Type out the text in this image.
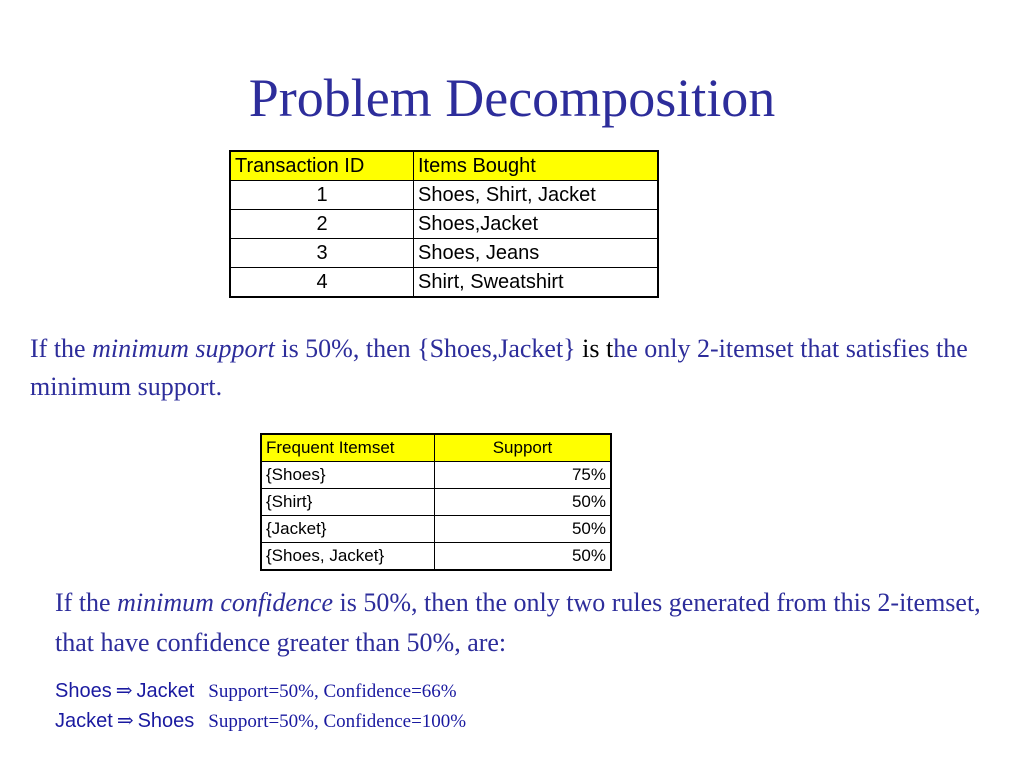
Problem Decomposition
Transaction ID	Items Bought
1	Shoes, Shirt, Jacket
2	Shoes,Jacket
3	Shoes, Jeans
4	Shirt, Sweatshirt
If the minimum support is 50%, then {Shoes,Jacket} is the only 2-itemset that satisfies the minimum support.
Frequent Itemset	Support
{Shoes}	75%
{Shirt}	50%
{Jacket}	50%
{Shoes, Jacket}	50%
If the minimum confidence is 50%, then the only two rules generated from this 2-itemset, that have confidence greater than 50%, are:
Shoes ⇒ Jacket Support=50%, Confidence=66%
Jacket ⇒ Shoes Support=50%, Confidence=100%
